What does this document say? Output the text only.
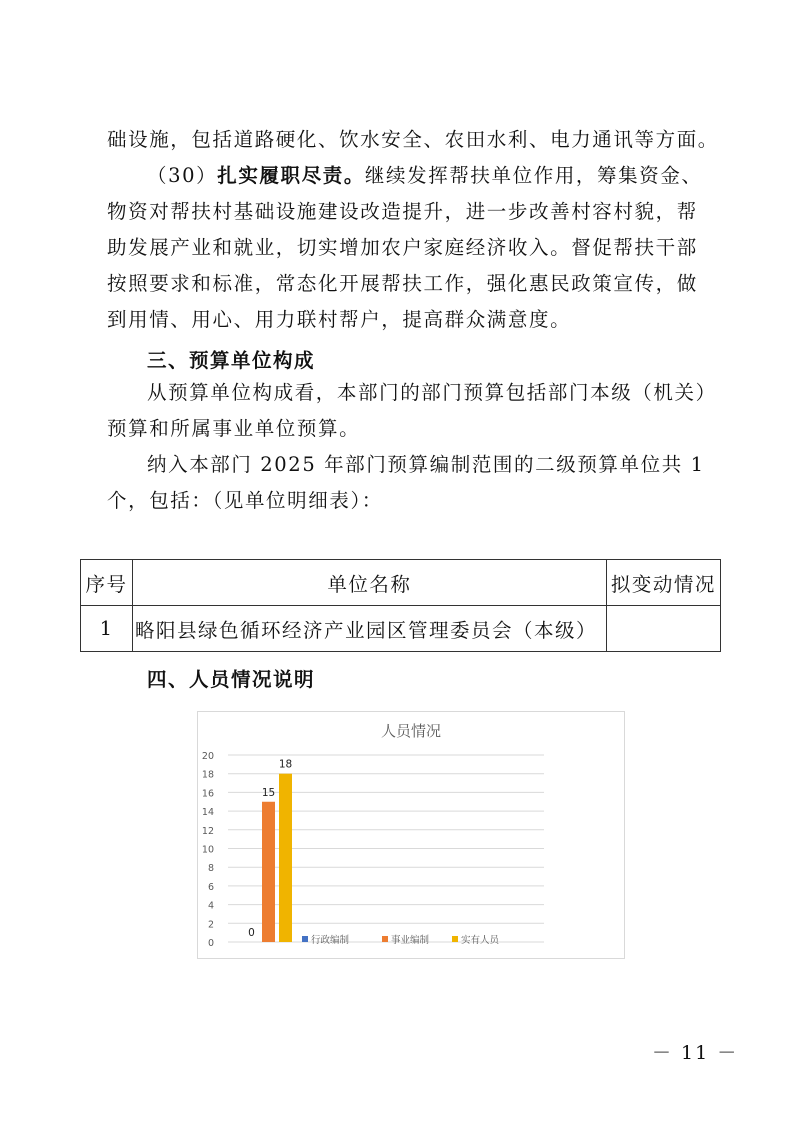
础设施，包括道路硬化、饮水安全、农田水利、电力通讯等方面。
（30）扎实履职尽责。继续发挥帮扶单位作用，筹集资金、
物资对帮扶村基础设施建设改造提升，进一步改善村容村貌，帮
助发展产业和就业，切实增加农户家庭经济收入。督促帮扶干部
按照要求和标准，常态化开展帮扶工作，强化惠民政策宣传，做
到用情、用心、用力联村帮户，提高群众满意度。
三、预算单位构成
从预算单位构成看，本部门的部门预算包括部门本级（机关）
预算和所属事业单位预算。
纳入本部门 2025 年部门预算编制范围的二级预算单位共 1
个，包括：（见单位明细表）：
序号	单位名称	拟变动情况
1	略阳县绿色循环经济产业园区管理委员会（本级）	
四、人员情况说明
人员情况
0
2
4
6
8
10
12
14
16
18
20
0
15
18
行政编制	事业编制	实有人员
－ 11 －
